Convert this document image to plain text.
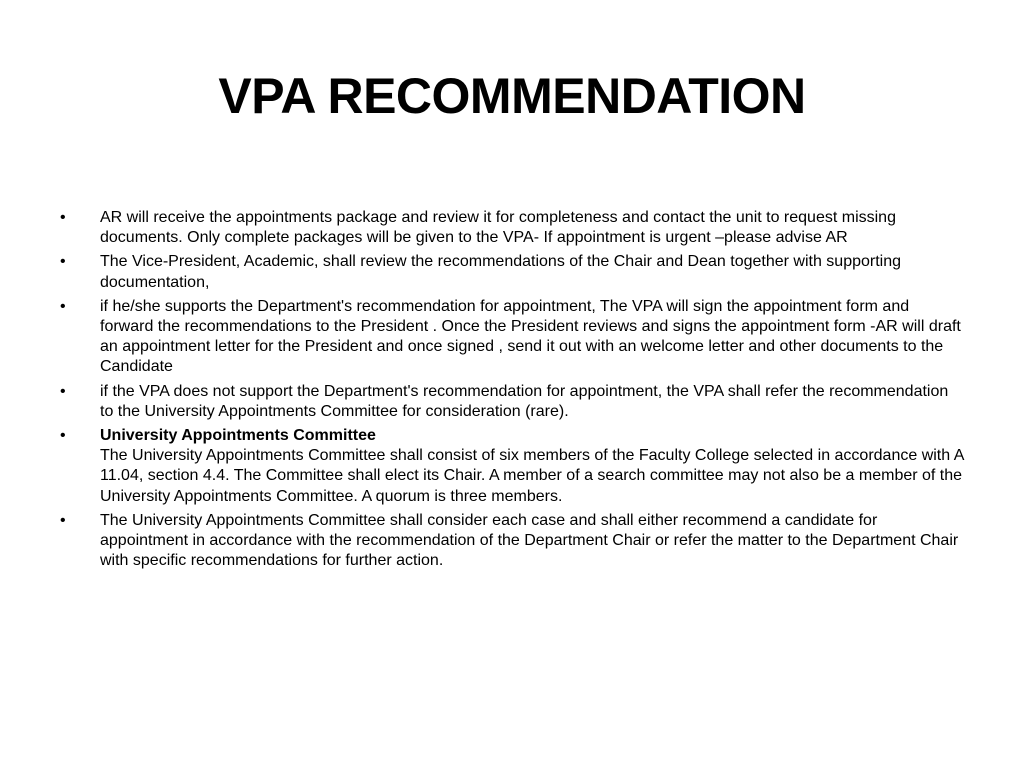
VPA RECOMMENDATION
•	AR will receive the appointments package and review it for completeness and contact the unit to request missing documents. Only complete packages will be given to the VPA- If appointment is urgent –please advise AR
•	The Vice-President, Academic, shall review the recommendations of the Chair and Dean together with supporting documentation,
•	if he/she supports the Department's recommendation for appointment, The VPA will sign the appointment form and forward the recommendations to the President . Once the President reviews and signs the appointment form -AR will draft an appointment letter for the President and once signed , send it out with an welcome letter and other documents to the Candidate
•	if the VPA does not support the Department's recommendation for appointment, the VPA shall refer the recommendation to the University Appointments Committee for consideration (rare).
•	University Appointments Committee
The University Appointments Committee shall consist of six members of the Faculty College selected in accordance with A 11.04, section 4.4. The Committee shall elect its Chair. A member of a search committee may not also be a member of the University Appointments Committee. A quorum is three members.
•	The University Appointments Committee shall consider each case and shall either recommend a candidate for appointment in accordance with the recommendation of the Department Chair or refer the matter to the Department Chair with specific recommendations for further action.
